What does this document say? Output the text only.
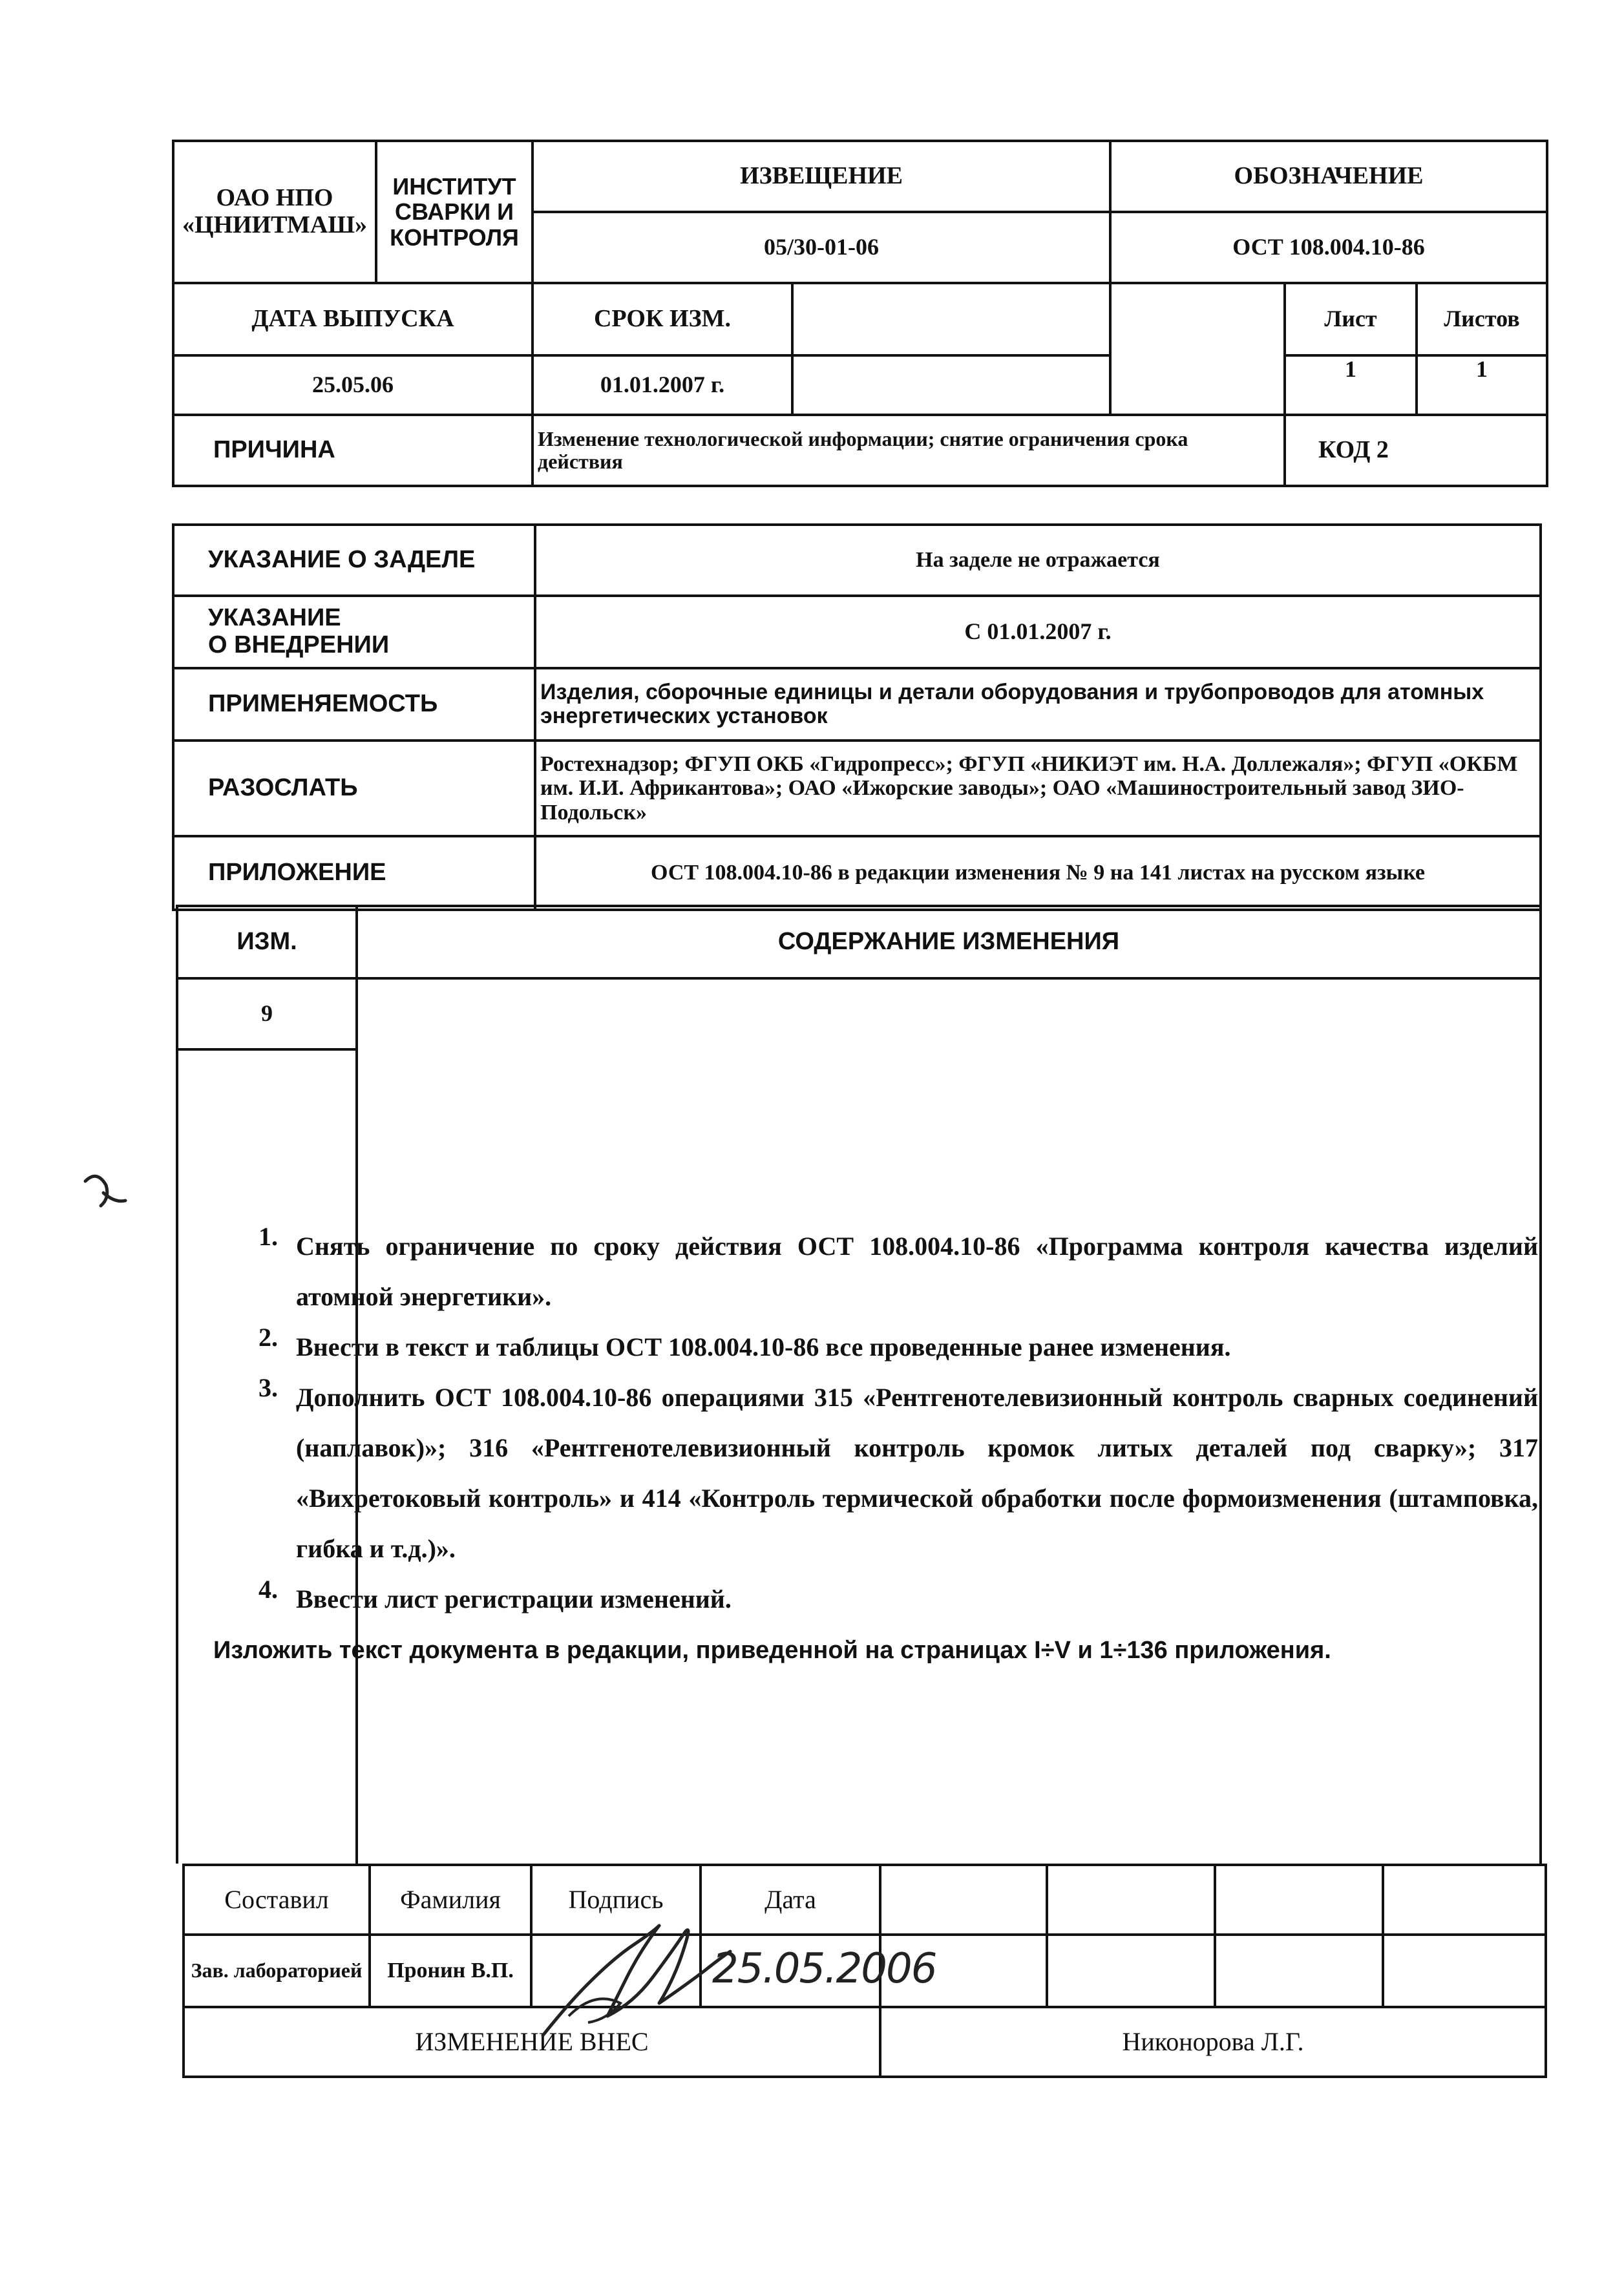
ОАО НПО «ЦНИИТМАШ»	ИНСТИТУТ СВАРКИ И КОНТРОЛЯ	ИЗВЕЩЕНИЕ	ОБОЗНАЧЕНИЕ		
		05/30-01-06	ОСТ 108.004.10-86		
ДАТА ВЫПУСКА		СРОК ИЗМ.		Лист	Листов
25.05.06		01.01.2007 г.		1	1
ПРИЧИНА		Изменение технологической информации; снятие ограничения срока действия		КОД 2	
УКАЗАНИЕ О ЗАДЕЛЕ	На заделе не отражается
УКАЗАНИЕ
О ВНЕДРЕНИИ	С 01.01.2007 г.
ПРИМЕНЯЕМОСТЬ	Изделия, сборочные единицы и детали оборудования и трубопроводов для атомных энергетических установок
РАЗОСЛАТЬ	Ростехнадзор; ФГУП ОКБ «Гидропресс»; ФГУП «НИКИЭТ им. Н.А. Доллежаля»; ФГУП «ОКБМ им. И.И. Африкантова»; ОАО «Ижорские заводы»; ОАО «Машиностроительный завод ЗИО-Подольск»
ПРИЛОЖЕНИЕ	ОСТ 108.004.10-86 в редакции изменения № 9 на 141 листах на русском языке
ИЗМ.	СОДЕРЖАНИЕ ИЗМЕНЕНИЯ
9	

1. Снять ограничение по сроку действия ОСТ 108.004.10-86 «Программа контроля качества изделий атомной энергетики».
2. Внести в текст и таблицы ОСТ 108.004.10-86 все проведенные ранее изменения.
3. Дополнить ОСТ 108.004.10-86 операциями 315 «Рентгенотелевизионный контроль сварных соединений (наплавок)»; 316 «Рентгенотелевизионный контроль кромок литых деталей под сварку»; 317 «Вихретоковый контроль» и 414 «Контроль термической обработки после формоизменения (штамповка, гибка и т.д.)».
4. Ввести лист регистрации изменений.
Изложить текст документа в редакции, приведенной на страницах I÷V и 1÷136 приложения.
Составил	Фамилия	Подпись	Дата				
Зав. лабораторией	Пронин В.П.						
ИЗМЕНЕНИЕ ВНЕС				Никонорова Л.Г.			
25.05.2006
